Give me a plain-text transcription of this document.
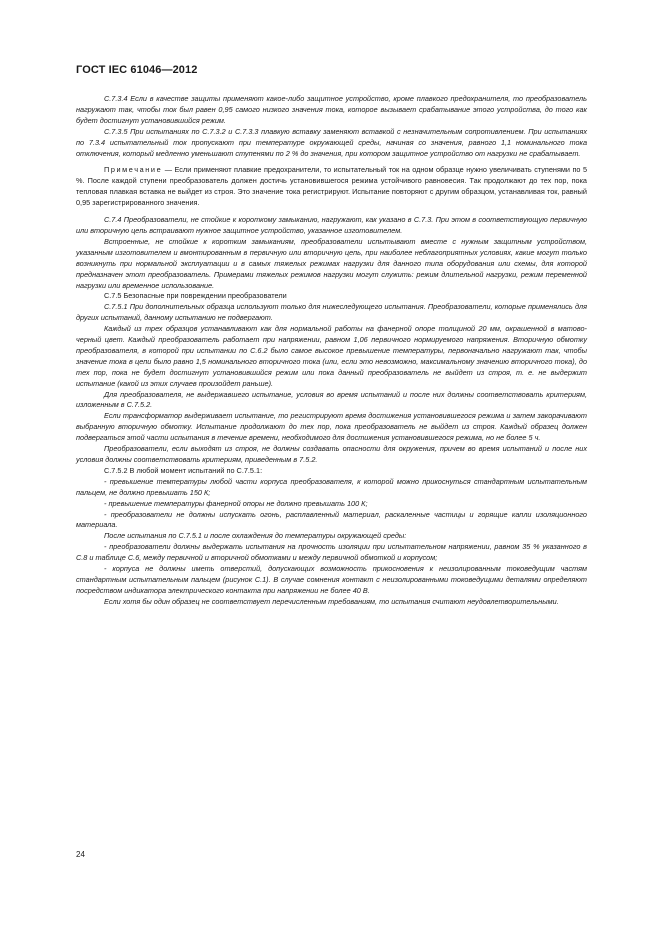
ГОСТ IEC 61046—2012

С.7.3.4 Если в качестве защиты применяют какое-либо защитное устройство, кроме плавкого предохранителя, то преобразователь нагружают так, чтобы ток был равен 0,95 самого низкого значения тока, которое вызывает срабатывание этого устройства, до того как будет достигнут установившийся режим.

С.7.3.5 При испытаниях по С.7.3.2 и С.7.3.3 плавкую вставку заменяют вставкой с незначительным сопротивлением. При испытаниях по 7.3.4 испытательный ток пропускают при температуре окружающей среды, начиная со значения, равного 1,1 номинального тока отключения, который медленно уменьшают ступенями по 2 % до значения, при котором защитное устройство от нагрузки не срабатывает.

Примечание — Если применяют плавкие предохранители, то испытательный ток на одном образце нужно увеличивать ступенями по 5 %. После каждой ступени преобразователь должен достичь установившегося режима устойчивого равновесия. Так продолжают до тех пор, пока тепловая плавкая вставка не выйдет из строя. Это значение тока регистрируют. Испытание повторяют с другим образцом, устанавливая ток, равный 0,95 зарегистрированного значения.

С.7.4 Преобразователи, не стойкие к короткому замыканию, нагружают, как указано в С.7.3. При этом в соответствующую первичную или вторичную цепь встраивают нужное защитное устройство, указанное изготовителем.

Встроенные, не стойкие к коротким замыканиям, преобразователи испытывают вместе с нужным защитным устройством, указанным изготовителем и вмонтированным в первичную или вторичную цепь, при наиболее неблагоприятных условиях, какие могут только возникнуть при нормальной эксплуатации и в самых тяжелых режимах нагрузки для данного типа оборудования или схемы, для которой предназначен этот преобразователь. Примерами тяжелых режимов нагрузки могут служить: режим длительной нагрузки, режим переменной нагрузки или временное использование.

С.7.5 Безопасные при повреждении преобразователи

С.7.5.1 При дополнительных образца используют только для нижеследующего испытания. Преобразователи, которые применялись для других испытаний, данному испытанию не подвергают.

Каждый из трех образцов устанавливают как для нормальной работы на фанерной опоре толщиной 20 мм, окрашенной в матово-черный цвет. Каждый преобразователь работает при напряжении, равном 1,06 первичного нормируемого напряжения. Вторичную обмотку преобразователя, в которой при испытании по С.6.2 было самое высокое превышение температуры, первоначально нагружают так, чтобы значение тока в цепи было равно 1,5 номинального вторичного тока (или, если это невозможно, максимальному значению вторичного тока), до тех пор, пока не будет достигнут установившийся режим или пока данный преобразователь не выйдет из строя, т. е. не выдержит испытание (какой из этих случаев произойдет раньше).

Для преобразователя, не выдержавшего испытание, условия во время испытаний и после них должны соответствовать критериям, изложенным в С.7.5.2.

Если трансформатор выдерживает испытание, то регистрируют время достижения установившегося режима и затем закорачивают выбранную вторичную обмотку. Испытание продолжают до тех пор, пока преобразователь не выйдет из строя. Каждый образец должен подвергаться этой части испытания в течение времени, необходимого для достижения установившегося режима, но не более 5 ч.

Преобразователи, если выходят из строя, не должны создавать опасности для окружения, причем во время испытаний и после них условия должны соответствовать критериям, приведенным в 7.5.2.

С.7.5.2 В любой момент испытаний по С.7.5.1:

- превышение температуры любой части корпуса преобразователя, к которой можно прикоснуться стандартным испытательным пальцем, не должно превышать 150 К;

- превышение температуры фанерной опоры не должно превышать 100 К;

- преобразователи не должны испускать огонь, расплавленный материал, раскаленные частицы и горящие капли изоляционного материала.

После испытания по С.7.5.1 и после охлаждения до температуры окружающей среды:

- преобразователи должны выдержать испытания на прочность изоляции при испытательном напряжении, равном 35 % указанного в С.8 и таблице С.6, между первичной и вторичной обмотками и между первичной обмоткой и корпусом;

- корпуса не должны иметь отверстий, допускающих возможность прикосновения к неизолированным токоведущим частям стандартным испытательным пальцем (рисунок С.1). В случае сомнения контакт с неизолированными токоведущими деталями определяют посредством индикатора электрического контакта при напряжении не более 40 В.

Если хотя бы один образец не соответствует перечисленным требованиям, то испытания считают неудовлетворительными.

24
